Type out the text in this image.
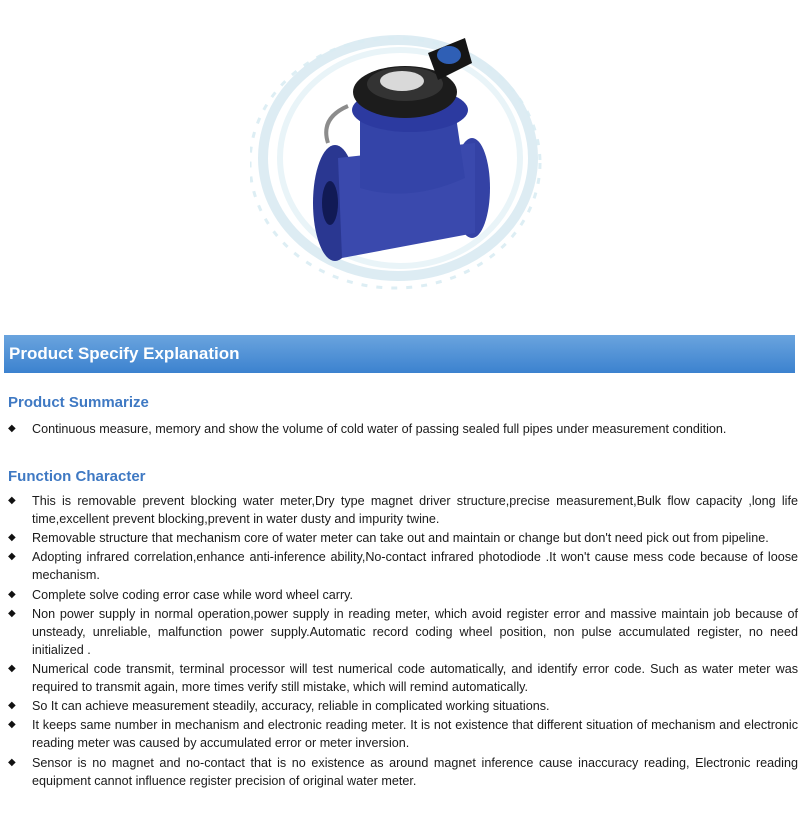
Product Specify Explanation
Product Summarize
◆ Continuous measure, memory and show the volume of cold water of passing sealed full pipes under measurement condition.
Function Character
◆ This is removable prevent blocking water meter,Dry type magnet driver structure,precise measurement,Bulk flow capacity ,long life time,excellent prevent blocking,prevent in water dusty and impurity twine.
◆ Removable structure that mechanism core of water meter can take out and maintain or change but don't need pick out from pipeline.
◆ Adopting infrared correlation,enhance anti-inference ability,No-contact infrared photodiode .It won't cause mess code because of loose mechanism.
◆ Complete solve coding error case while word wheel carry.
◆ Non power supply in normal operation,power supply in reading meter, which avoid register error and massive maintain job because of unsteady, unreliable, malfunction power supply.Automatic record coding wheel position, non pulse accumulated register, no need initialized .
◆ Numerical code transmit, terminal processor will test numerical code automatically, and identify error code. Such as water meter was required to transmit again, more times verify still mistake, which will remind automatically.
◆ So It can achieve measurement steadily, accuracy, reliable in complicated working situations.
◆ It keeps same number in mechanism and electronic reading meter. It is not existence that different situation of mechanism and electronic reading meter was caused by accumulated error or meter inversion.
◆ Sensor is no magnet and no-contact that is no existence as around magnet inference cause inaccuracy reading, Electronic reading equipment cannot influence register precision of original water meter.
